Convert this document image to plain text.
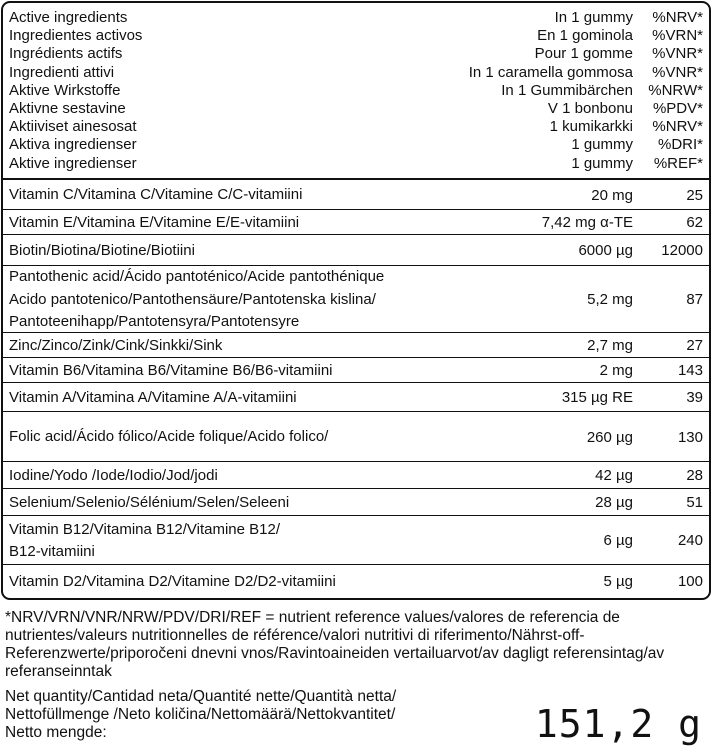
Active ingredients	In 1 gummy %NRV*
Ingredientes activos	En 1 gominola %VRN*
Ingrédients actifs	Pour 1 gomme %VNR*
Ingredienti attivi	In 1 caramella gommosa %VNR*
Aktive Wirkstoffe	In 1 Gummibärchen %NRW*
Aktivne sestavine	V 1 bonbonu %PDV*
Aktiiviset ainesosat	1 kumikarkki %NRV*
Aktiva ingredienser	1 gummy %DRI*
Aktive ingredienser	1 gummy %REF*
Vitamin C/Vitamina C/Vitamine C/C-vitamiini	20 mg	25
Vitamin E/Vitamina E/Vitamine E/E-vitamiini	7,42 mg α-TE	62
Biotin/Biotina/Biotine/Biotiini	6000 µg 12000
Pantothenic acid/Ácido pantoténico/Acide pantothénique
Acido pantotenico/Pantothensäure/Pantotenska kislina/
Pantoteenihapp/Pantotensyra/Pantotensyre
5,2 mg	87
Zinc/Zinco/Zink/Cink/Sinkki/Sink	2,7 mg	27
Vitamin B6/Vitamina B6/Vitamine B6/B6-vitamiini	2 mg	143
Vitamin A/Vitamina A/Vitamine A/A-vitamiini	315 µg RE	39
Folic acid/Ácido fólico/Acide folique/Acido folico/	260 µg	130
Iodine/Yodo /Iode/Iodio/Jod/jodi	42 µg	28
Selenium/Selenio/Sélénium/Selen/Seleeni	28 µg	51
Vitamin B12/Vitamina B12/Vitamine B12/
B12-vitamiini
6 µg	240
Vitamin D2/Vitamina D2/Vitamine D2/D2-vitamiini	5 µg	100
*NRV/VRN/VNR/NRW/PDV/DRI/REF = nutrient reference values/valores de referencia de nutrientes/valeurs nutritionnelles de référence/valori nutritivi di riferimento/Nährst-off-Referenzwerte/priporočeni dnevni vnos/Ravintoaineiden vertailuarvot/av dagligt referensintag/av referanseinntak
Net quantity/Cantidad neta/Quantité nette/Quantità netta/
Nettofüllmenge /Neto količina/Nettomäärä/Nettokvantitet/
Netto mengde:	151,2 g
